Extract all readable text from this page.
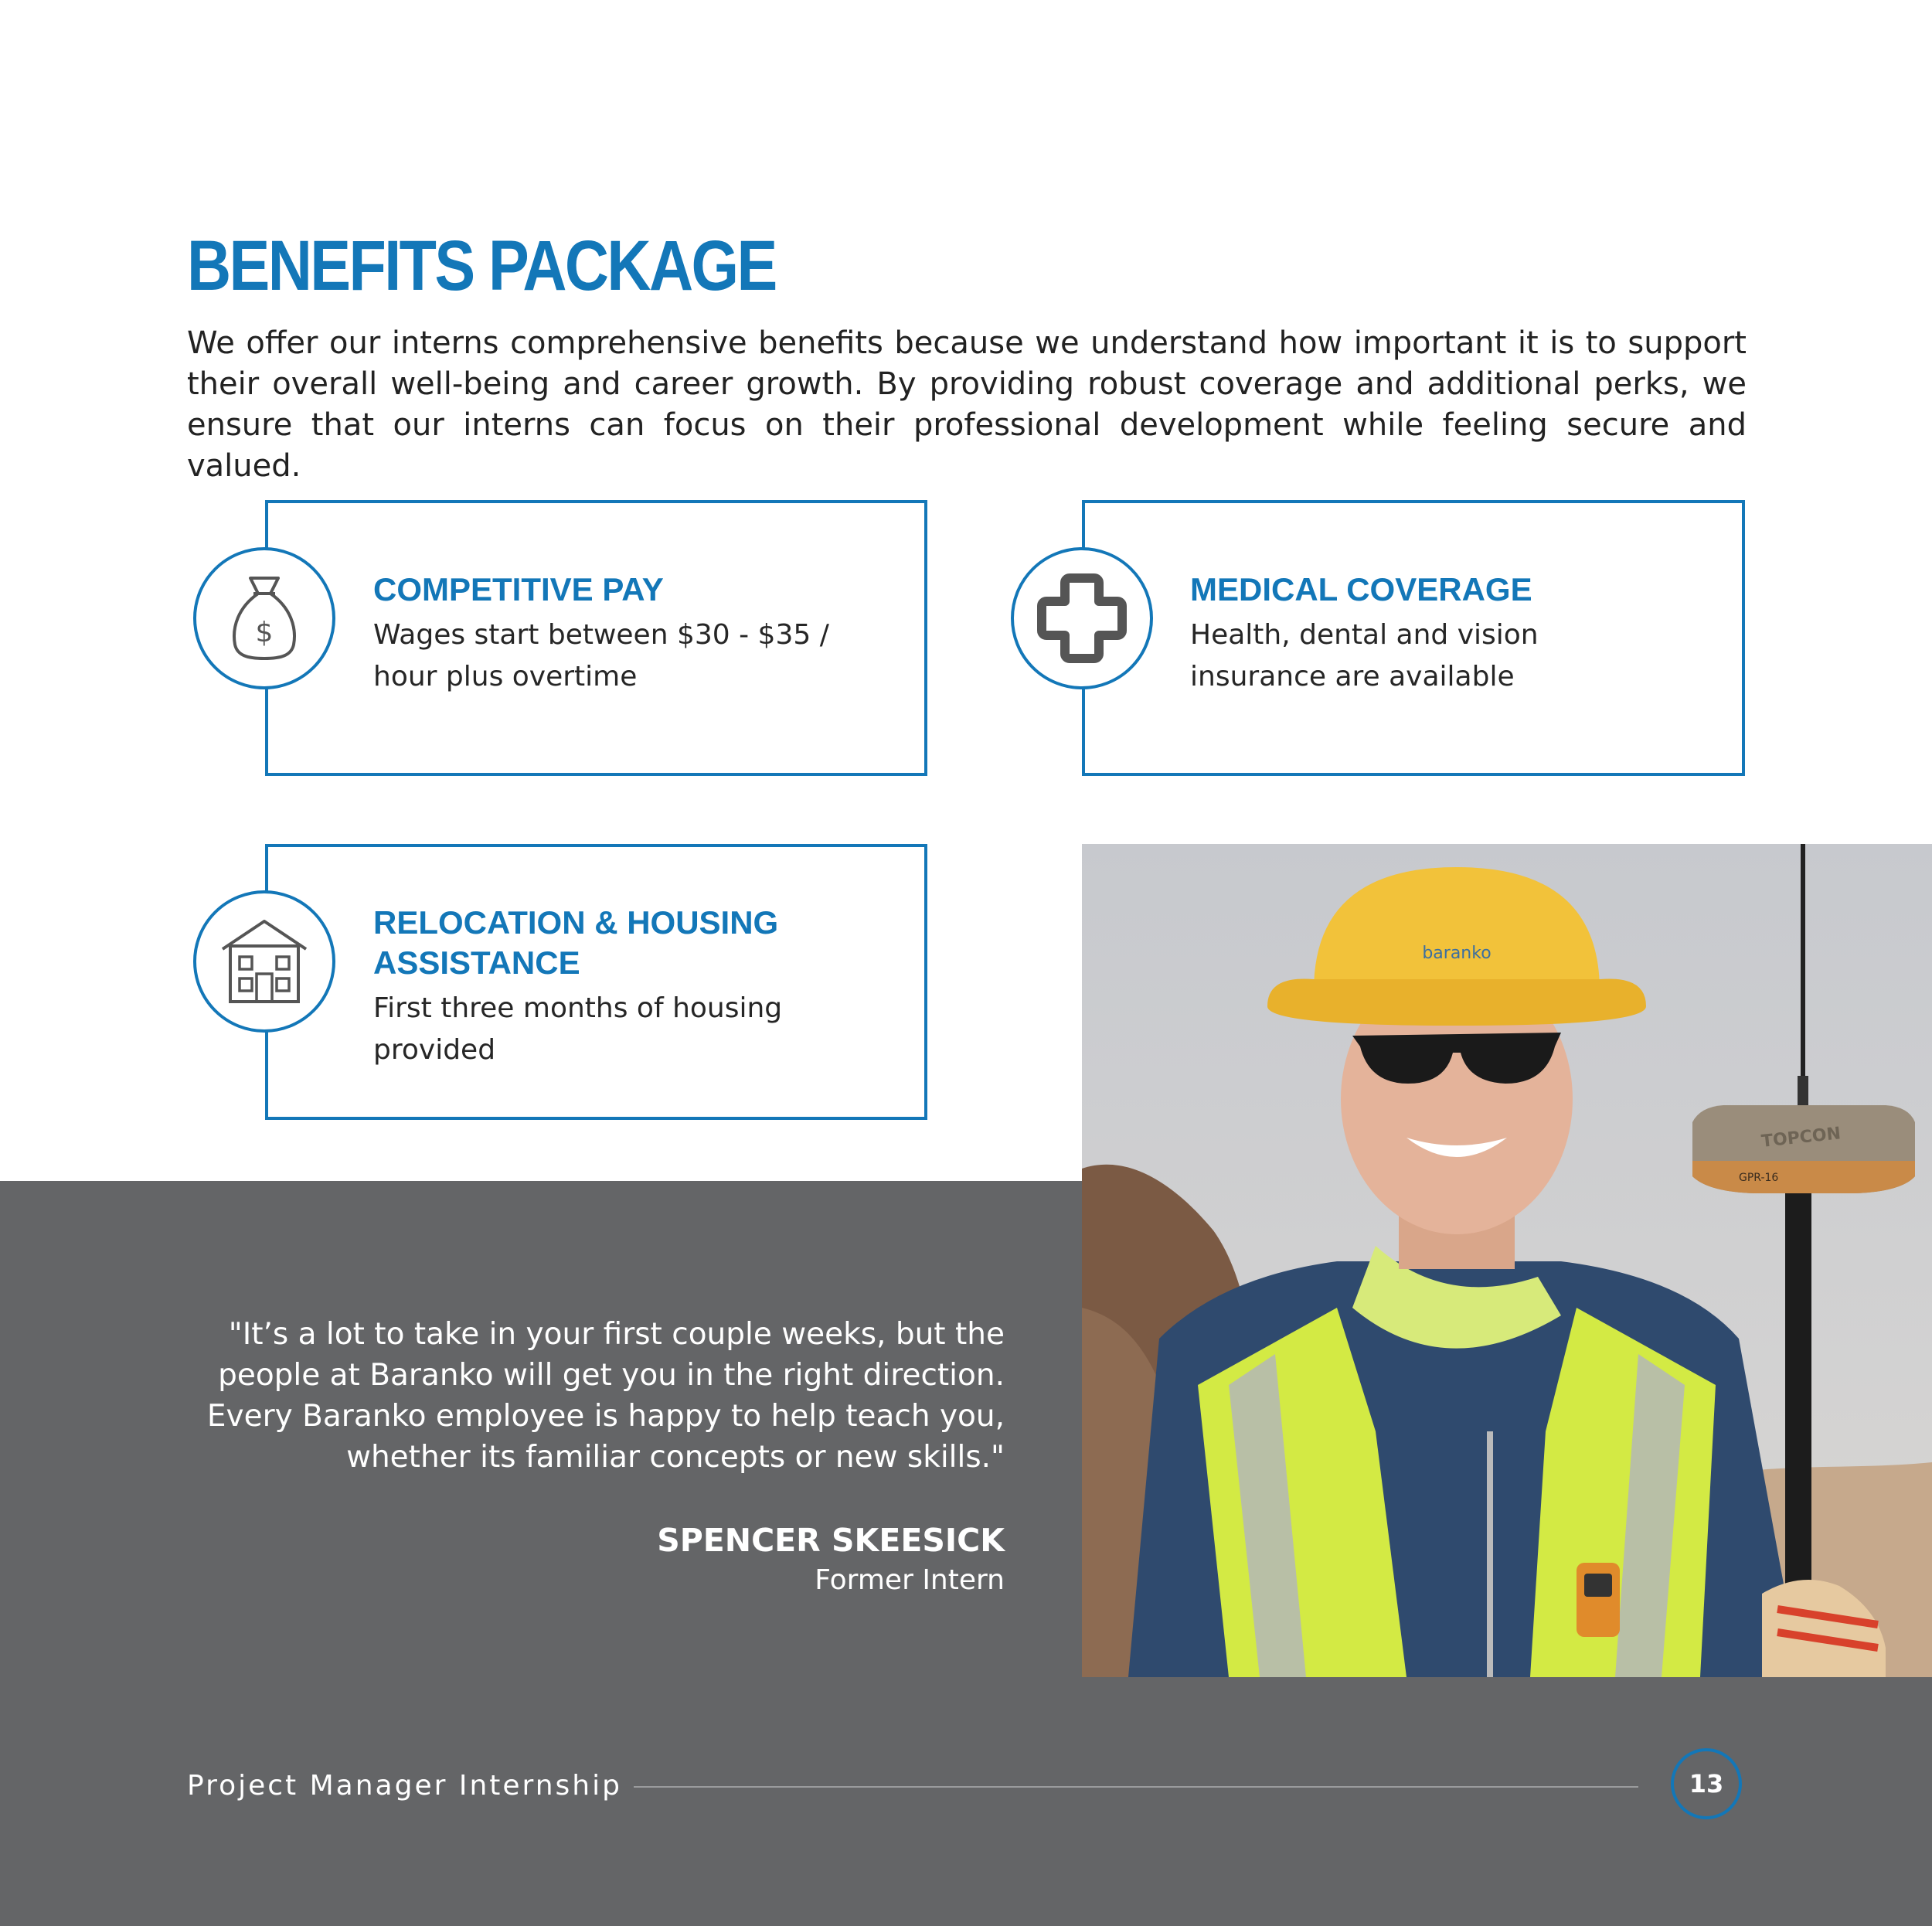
BENEFITS PACKAGE

We offer our interns comprehensive benefits because we understand how important it is to support their overall well-being and career growth. By providing robust coverage and additional perks, we ensure that our interns can focus on their professional development while feeling secure and valued.

COMPETITIVE PAY

Wages start between $30 - $35 / hour plus overtime

$
MEDICAL COVERAGE

Health, dental and vision insurance are available

RELOCATION & HOUSING ASSISTANCE

First three months of housing provided

TOPCON
GPR-16
baranko

"It’s a lot to take in your first couple weeks, but the people at Baranko will get you in the right direction. Every Baranko employee is happy to help teach you, whether its familiar concepts or new skills."

SPENCER SKEESICK

Former Intern

Project Manager Internship	13
